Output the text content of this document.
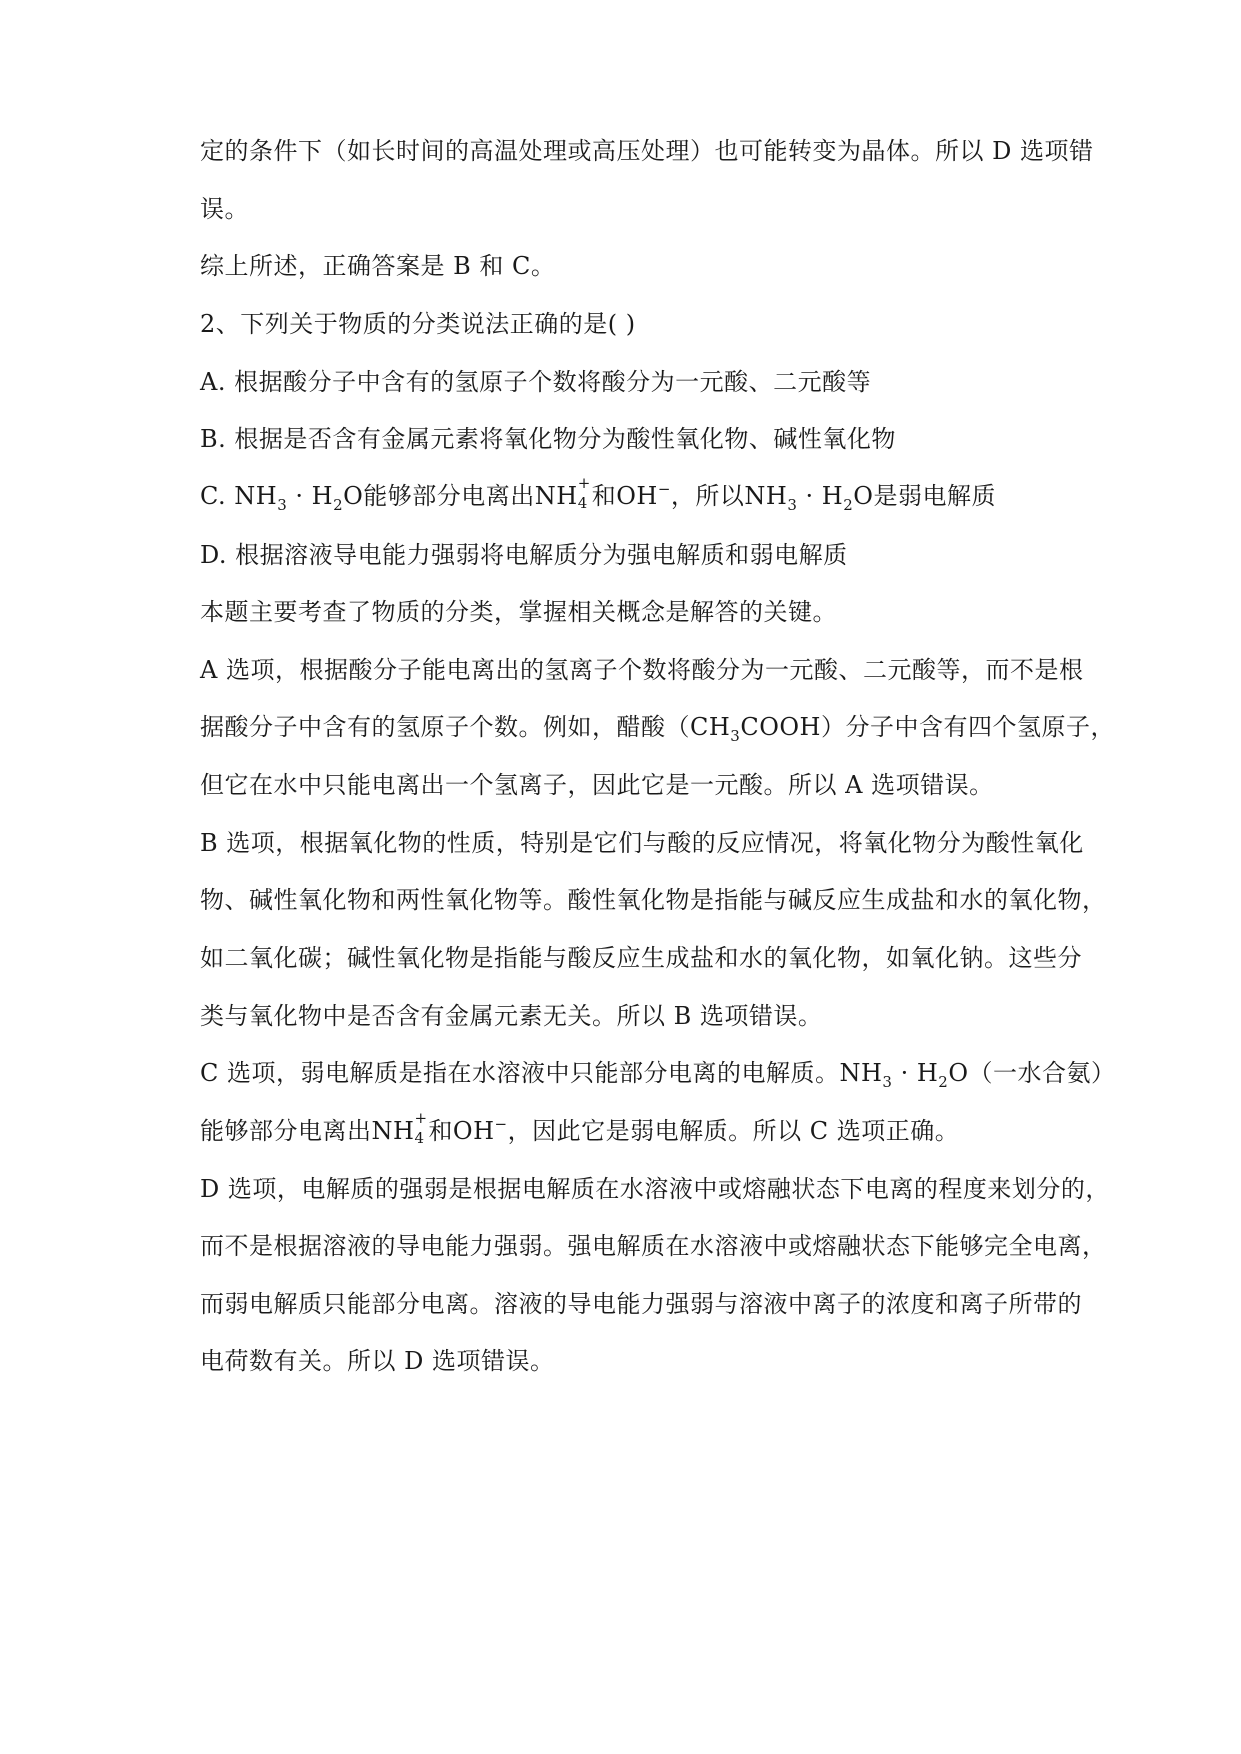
定的条件下（如长时间的高温处理或高压处理）也可能转变为晶体。所以 D 选项错
误。
综上所述，正确答案是 B 和 C。
2、下列关于物质的分类说法正确的是( )
A. 根据酸分子中含有的氢原子个数将酸分为一元酸、二元酸等
B. 根据是否含有金属元素将氧化物分为酸性氧化物、碱性氧化物
C. $NH_3 \cdot H_2O$能够部分电离出NH +
4 和OH−，所以$NH_3 \cdot H_2O$是弱电解质
D. 根据溶液导电能力强弱将电解质分为强电解质和弱电解质
本题主要考查了物质的分类，掌握相关概念是解答的关键。
A 选项，根据酸分子能电离出的氢离子个数将酸分为一元酸、二元酸等，而不是根
据酸分子中含有的氢原子个数。例如，醋酸$(CH_3COOH)$分子中含有四个氢原子，
但它在水中只能电离出一个氢离子，因此它是一元酸。所以 A 选项错误。
B 选项，根据氧化物的性质，特别是它们与酸的反应情况，将氧化物分为酸性氧化
物、碱性氧化物和两性氧化物等。酸性氧化物是指能与碱反应生成盐和水的氧化物，
如二氧化碳；碱性氧化物是指能与酸反应生成盐和水的氧化物，如氧化钠。这些分
类与氧化物中是否含有金属元素无关。所以 B 选项错误。
C 选项，弱电解质是指在水溶液中只能部分电离的电解质。$NH_3 \cdot H_2O$（一水合氨）
能够部分电离出NH +
4 和OH−，因此它是弱电解质。所以 C 选项正确。
D 选项，电解质的强弱是根据电解质在水溶液中或熔融状态下电离的程度来划分的，
而不是根据溶液的导电能力强弱。强电解质在水溶液中或熔融状态下能够完全电离，
而弱电解质只能部分电离。溶液的导电能力强弱与溶液中离子的浓度和离子所带的
电荷数有关。所以 D 选项错误。
